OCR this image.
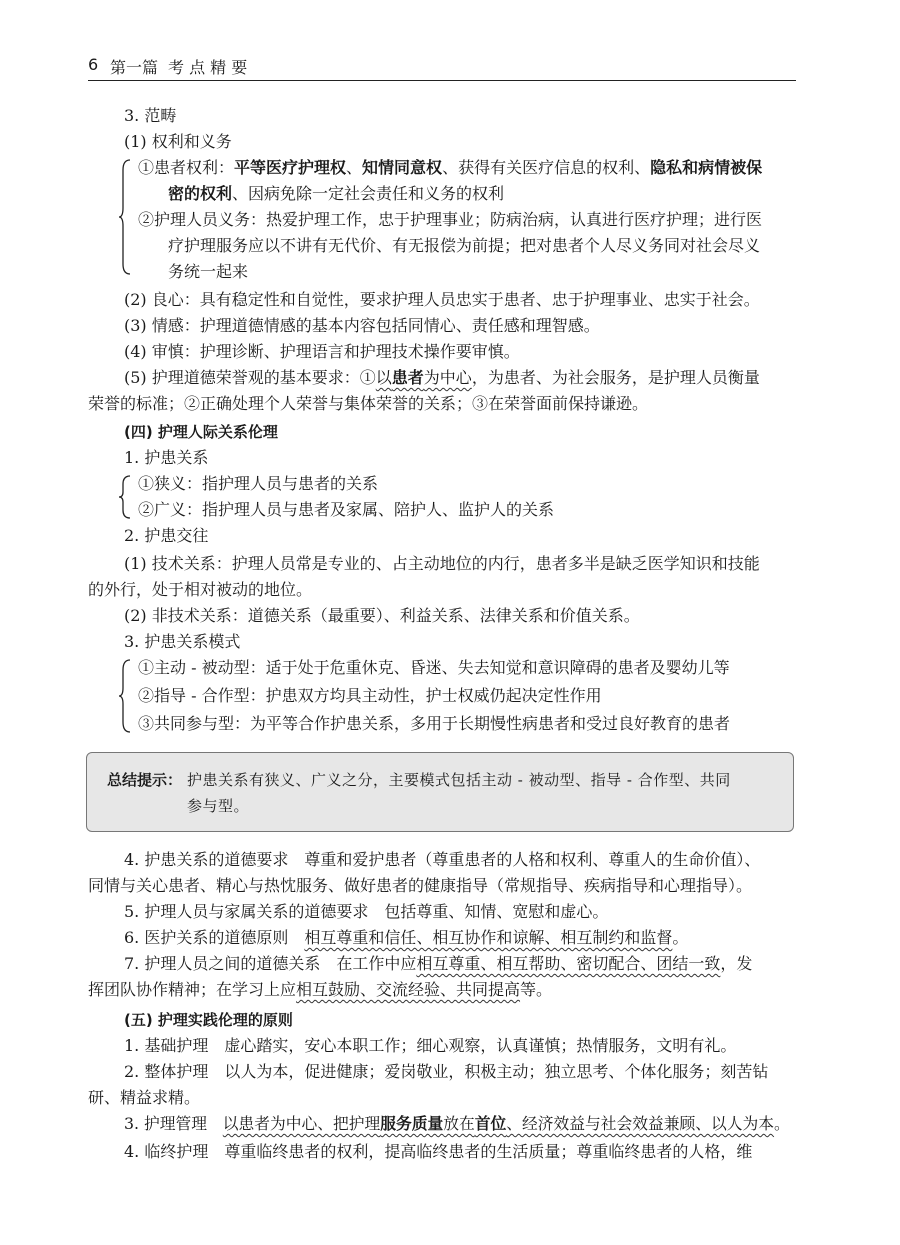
6 第一篇 考 点 精 要
3. 范畴
(1) 权利和义务
①患者权利：平等医疗护理权、知情同意权、获得有关医疗信息的权利、隐私和病情被保
密的权利、因病免除一定社会责任和义务的权利
②护理人员义务：热爱护理工作，忠于护理事业；防病治病，认真进行医疗护理；进行医
疗护理服务应以不讲有无代价、有无报偿为前提；把对患者个人尽义务同对社会尽义
务统一起来
(2) 良心：具有稳定性和自觉性，要求护理人员忠实于患者、忠于护理事业、忠实于社会。
(3) 情感：护理道德情感的基本内容包括同情心、责任感和理智感。
(4) 审慎：护理诊断、护理语言和护理技术操作要审慎。
(5) 护理道德荣誉观的基本要求：①以患者为中心，为患者、为社会服务，是护理人员衡量
荣誉的标准；②正确处理个人荣誉与集体荣誉的关系；③在荣誉面前保持谦逊。
(四) 护理人际关系伦理
1. 护患关系
①狭义：指护理人员与患者的关系
②广义：指护理人员与患者及家属、陪护人、监护人的关系
2. 护患交往
(1) 技术关系：护理人员常是专业的、占主动地位的内行，患者多半是缺乏医学知识和技能
的外行，处于相对被动的地位。
(2) 非技术关系：道德关系（最重要）、利益关系、法律关系和价值关系。
3. 护患关系模式
①主动 - 被动型：适于处于危重休克、昏迷、失去知觉和意识障碍的患者及婴幼儿等
②指导 - 合作型：护患双方均具主动性，护士权威仍起决定性作用
③共同参与型：为平等合作护患关系，多用于长期慢性病患者和受过良好教育的患者
总结提示： 护患关系有狭义、广义之分，主要模式包括主动 - 被动型、指导 - 合作型、共同
参与型。
4. 护患关系的道德要求　尊重和爱护患者（尊重患者的人格和权利、尊重人的生命价值）、
同情与关心患者、精心与热忱服务、做好患者的健康指导（常规指导、疾病指导和心理指导）。
5. 护理人员与家属关系的道德要求　包括尊重、知情、宽慰和虚心。
6. 医护关系的道德原则　相互尊重和信任、相互协作和谅解、相互制约和监督。
7. 护理人员之间的道德关系　在工作中应相互尊重、相互帮助、密切配合、团结一致，发
挥团队协作精神；在学习上应相互鼓励、交流经验、共同提高等。
(五) 护理实践伦理的原则
1. 基础护理　虚心踏实，安心本职工作；细心观察，认真谨慎；热情服务，文明有礼。
2. 整体护理　以人为本，促进健康；爱岗敬业，积极主动；独立思考、个体化服务；刻苦钻
研、精益求精。
3. 护理管理　以患者为中心、把护理服务质量放在首位、经济效益与社会效益兼顾、以人为本。
4. 临终护理　尊重临终患者的权利，提高临终患者的生活质量；尊重临终患者的人格，维
